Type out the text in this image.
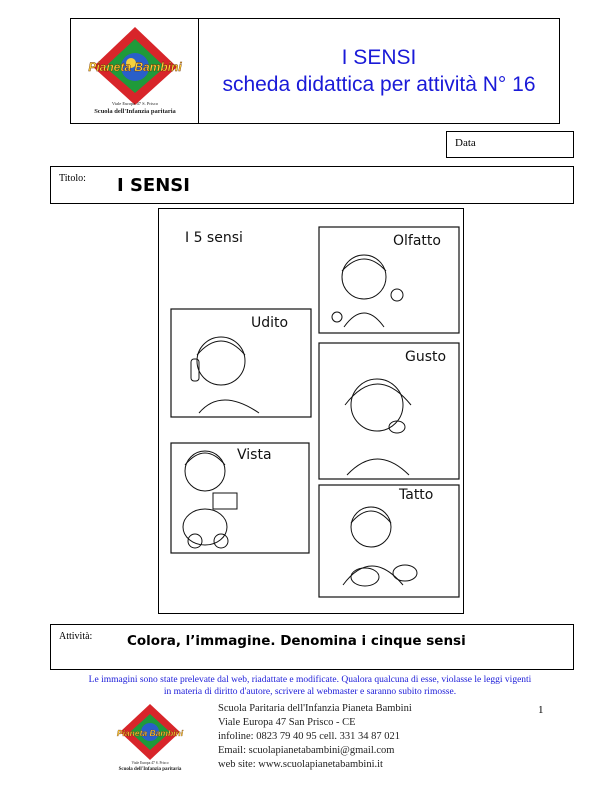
Pianeta Bambini
Viale Europa 47 S. Prisco
Scuola dell'Infanzia paritaria
I SENSI
scheda didattica per attività N° 16
Data
Titolo: I SENSI
I 5 sensi	Olfatto
Udito
Gusto
Vista
Tatto
Attività:	Colora, l’immagine. Denomina i cinque sensi
Le immagini sono state prelevate dal web, riadattate e modificate. Qualora qualcuna di esse, violasse le leggi vigenti
in materia di diritto d'autore, scrivere al webmaster e saranno subito rimosse.
1
Pianeta Bambini
Viale Europa 47 S. Prisco
Scuola dell'Infanzia paritaria
Scuola Paritaria dell'Infanzia Pianeta Bambini
Viale Europa 47 San Prisco - CE
infoline: 0823 79 40 95 cell. 331 34 87 021
Email: scuolapianetabambini@gmail.com
web site: www.scuolapianetabambini.it
